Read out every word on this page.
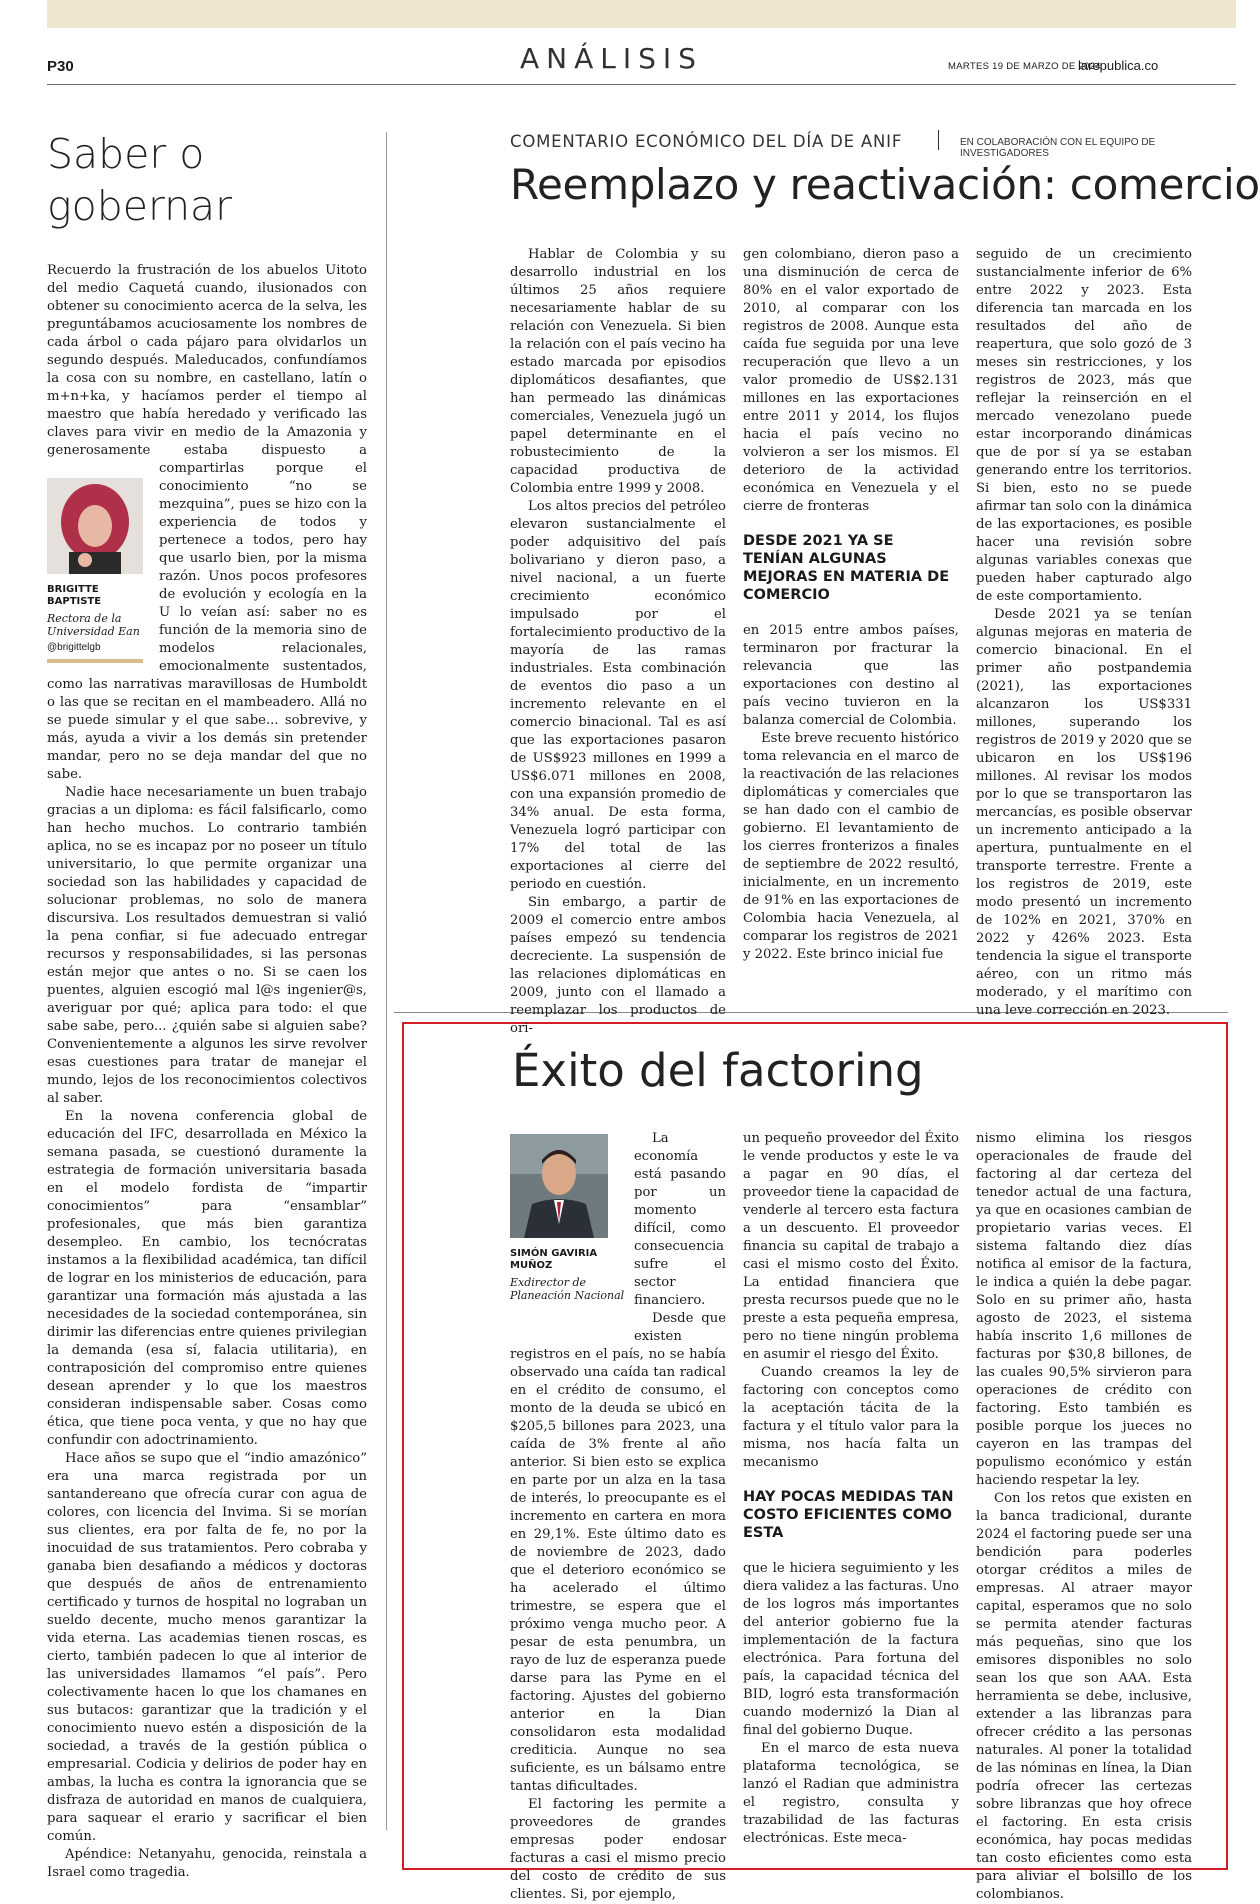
P30	ANÁLISIS	MARTES 19 DE MARZO DE 2024
larepublica.co
Saber o gobernar

Recuerdo la frustración de los abuelos Uitoto del medio Caquetá cuando, ilusionados con obtener su conocimiento acerca de la selva, les preguntábamos acuciosamente los nombres de cada árbol o cada pájaro para olvidarlos un segundo después. Maleducados, confundíamos la cosa con su nombre, en castellano, latín o m+n+ka, y hacíamos perder el tiempo al maestro que había heredado y verificado las claves para vivir en medio de la Amazonia y generosamente estaba dispuesto a compartirlas porque
el conocimiento “no se mezquina”, pues se hizo con la experiencia de todos y pertenece a todos, pero hay que usarlo bien, por la misma razón. Unos pocos profesores de evolución y ecología en la U lo veían así: saber no es función de la memoria sino de modelos relacionales, emocionalmente sustentados, como las narrativas maravillosas de Humboldt o las que se recitan en el mambeadero. Allá no se puede simular y el que sabe... sobrevive, y más, ayuda a vivir a los demás sin pretender mandar, pero no se deja mandar del que no sabe.

Nadie hace necesariamente un buen trabajo gracias a un diploma: es fácil falsificarlo, como han hecho muchos. Lo contrario también aplica, no se es incapaz por no poseer un título universitario, lo que permite organizar una sociedad son las habilidades y capacidad de solucionar problemas, no solo de manera discursiva. Los resultados demuestran si valió la pena confiar, si fue adecuado entregar recursos y responsabilidades, si las personas están mejor que antes o no. Si se caen los puentes, alguien escogió mal l@s ingenier@s, averiguar por qué; aplica para todo: el que sabe sabe, pero... ¿quién sabe si alguien sabe? Convenientemente a algunos les sirve revolver esas cuestiones para tratar de manejar el mundo, lejos de los reconocimientos colectivos al saber.

En la novena conferencia global de educación del IFC, desarrollada en México la semana pasada, se cuestionó duramente la estrategia de formación universitaria basada en el modelo fordista de “impartir conocimientos” para “ensamblar” profesionales, que más bien garantiza desempleo. En cambio, los tecnócratas instamos a la flexibilidad académica, tan difícil de lograr en los ministerios de educación, para garantizar una formación más ajustada a las necesidades de la sociedad contemporánea, sin dirimir las diferencias entre quienes privilegian la demanda (esa sí, falacia utilitaria), en contraposición del compromiso entre quienes desean aprender y lo que los maestros consideran indispensable saber. Cosas como ética, que tiene poca venta, y que no hay que confundir con adoctrinamiento.

Hace años se supo que el “indio amazónico” era una marca registrada por un santandereano que ofrecía curar con agua de colores, con licencia del Invima. Si se morían sus clientes, era por falta de fe, no por la inocuidad de sus tratamientos. Pero cobraba y ganaba bien desafiando a médicos y doctoras que después de años de entrenamiento certificado y turnos de hospital no lograban un sueldo decente, mucho menos garantizar la vida eterna. Las academias tienen roscas, es cierto, también padecen lo que al interior de las universidades llamamos “el país”. Pero colectivamente hacen lo que los chamanes en sus butacos: garantizar que la tradición y el conocimiento nuevo estén a disposición de la sociedad, a través de la gestión pública o empresarial. Codicia y delirios de poder hay en ambas, la lucha es contra la ignorancia que se disfraza de autoridad en manos de cualquiera, para saquear el erario y sacrificar el bien común.

Apéndice: Netanyahu, genocida, reinstala a Israel como tragedia.

BRIGITTE BAPTISTE
Rectora de la Universidad Ean
@brigittelgb
COMENTARIO ECONÓMICO DEL DÍA DE ANIF	EN COLABORACIÓN CON EL EQUIPO DE INVESTIGADORES
Reemplazo y reactivación: comercio

Hablar de Colombia y su desarrollo industrial en los últimos 25 años requiere necesariamente hablar de su relación con Venezuela. Si bien la relación con el país vecino ha estado marcada por episodios diplomáticos desafiantes, que han permeado las dinámicas comerciales, Venezuela jugó un papel determinante en el robustecimiento de la capacidad productiva de Colombia entre 1999 y 2008.

Los altos precios del petróleo elevaron sustancialmente el poder adquisitivo del país bolivariano y dieron paso, a nivel nacional, a un fuerte crecimiento económico impulsado por el fortalecimiento productivo de la mayoría de las ramas industriales. Esta combinación de eventos dio paso a un incremento relevante en el comercio binacional. Tal es así que las exportaciones pasaron de US$923 millones en 1999 a US$6.071 millones en 2008, con una expansión promedio de 34% anual. De esta forma, Venezuela logró participar con 17% del total de las exportaciones al cierre del periodo en cuestión.

Sin embargo, a partir de 2009 el comercio entre ambos países empezó su tendencia decreciente. La suspensión de las relaciones diplomáticas en 2009, junto con el llamado a reemplazar los productos de ori-

gen colombiano, dieron paso a una disminución de cerca de 80% en el valor exportado de 2010, al comparar con los registros de 2008. Aunque esta caída fue seguida por una leve recuperación que llevo a un valor promedio de US$2.131 millones en las exportaciones entre 2011 y 2014, los flujos hacia el país vecino no volvieron a ser los mismos. El deterioro de la actividad económica en Venezuela y el cierre de fronteras

DESDE 2021 YA SE TENÍAN ALGUNAS MEJORAS EN MATERIA DE COMERCIO

en 2015 entre ambos países, terminaron por fracturar la relevancia que las exportaciones con destino al país vecino tuvieron en la balanza comercial de Colombia.

Este breve recuento histórico toma relevancia en el marco de la reactivación de las relaciones diplomáticas y comerciales que se han dado con el cambio de gobierno. El levantamiento de los cierres fronterizos a finales de septiembre de 2022 resultó, inicialmente, en un incremento de 91% en las exportaciones de Colombia hacia Venezuela, al comparar los registros de 2021 y 2022. Este brinco inicial fue

seguido de un crecimiento sustancialmente inferior de 6% entre 2022 y 2023. Esta diferencia tan marcada en los resultados del año de reapertura, que solo gozó de 3 meses sin restricciones, y los registros de 2023, más que reflejar la reinserción en el mercado venezolano puede estar incorporando dinámicas que de por sí ya se estaban generando entre los territorios. Si bien, esto no se puede afirmar tan solo con la dinámica de las exportaciones, es posible hacer una revisión sobre algunas variables conexas que pueden haber capturado algo de este comportamiento.

Desde 2021 ya se tenían algunas mejoras en materia de comercio binacional. En el primer año postpandemia (2021), las exportaciones alcanzaron los US$331 millones, superando los registros de 2019 y 2020 que se ubicaron en los US$196 millones. Al revisar los modos por lo que se transportaron las mercancías, es posible observar un incremento anticipado a la apertura, puntualmente en el transporte terrestre. Frente a los registros de 2019, este modo presentó un incremento de 102% en 2021, 370% en 2022 y 426% 2023. Esta tendencia la sigue el transporte aéreo, con un ritmo más moderado, y el marítimo con una leve corrección en 2023.

Éxito del factoring
SIMÓN GAVIRIA MUÑOZ
Exdirector de Planeación Nacional

La economía está pasando por un momento difícil, como consecuencia sufre el sector financiero.

Desde que existen registros en el país, no se había observado una caída tan radical en el crédito de consumo, el monto de la deuda se ubicó en $205,5 billones para 2023, una caída de 3% frente al año anterior. Si bien esto se explica en parte por un alza en la tasa de interés, lo preocupante es el incremento en cartera en mora en 29,1%. Este último dato es de noviembre de 2023, dado que el deterioro económico se ha acelerado el último trimestre, se espera que el próximo venga mucho peor. A pesar de esta penumbra, un rayo de luz de esperanza puede darse para las Pyme en el factoring. Ajustes del gobierno anterior en la Dian consolidaron esta modalidad crediticia. Aunque no sea suficiente, es un bálsamo entre tantas dificultades.

El factoring les permite a proveedores de grandes empresas poder endosar facturas a casi el mismo precio del costo de crédito de sus clientes. Si, por ejemplo,

un pequeño proveedor del Éxito le vende productos y este le va a pagar en 90 días, el proveedor tiene la capacidad de venderle al tercero esta factura a un descuento. El proveedor financia su capital de trabajo a casi el mismo costo del Éxito. La entidad financiera que presta recursos puede que no le preste a esta pequeña empresa, pero no tiene ningún problema en asumir el riesgo del Éxito.

Cuando creamos la ley de factoring con conceptos como la aceptación tácita de la factura y el título valor para la misma, nos hacía falta un mecanismo

HAY POCAS MEDIDAS TAN COSTO EFICIENTES COMO ESTA

que le hiciera seguimiento y les diera validez a las facturas. Uno de los logros más importantes del anterior gobierno fue la implementación de la factura electrónica. Para fortuna del país, la capacidad técnica del BID, logró esta transformación cuando modernizó la Dian al final del gobierno Duque.

En el marco de esta nueva plataforma tecnológica, se lanzó el Radian que administra el registro, consulta y trazabilidad de las facturas electrónicas. Este meca-

nismo elimina los riesgos operacionales de fraude del factoring al dar certeza del tenedor actual de una factura, ya que en ocasiones cambian de propietario varias veces. El sistema faltando diez días notifica al emisor de la factura, le indica a quién la debe pagar. Solo en su primer año, hasta agosto de 2023, el sistema había inscrito 1,6 millones de facturas por $30,8 billones, de las cuales 90,5% sirvieron para operaciones de crédito con factoring. Esto también es posible porque los jueces no cayeron en las trampas del populismo económico y están haciendo respetar la ley.

Con los retos que existen en la banca tradicional, durante 2024 el factoring puede ser una bendición para poderles otorgar créditos a miles de empresas. Al atraer mayor capital, esperamos que no solo se permita atender facturas más pequeñas, sino que los emisores disponibles no solo sean los que son AAA. Esta herramienta se debe, inclusive, extender a las libranzas para ofrecer crédito a las personas naturales. Al poner la totalidad de las nóminas en línea, la Dian podría ofrecer las certezas sobre libranzas que hoy ofrece el factoring. En esta crisis económica, hay pocas medidas tan costo eficientes como esta para aliviar el bolsillo de los colombianos.
